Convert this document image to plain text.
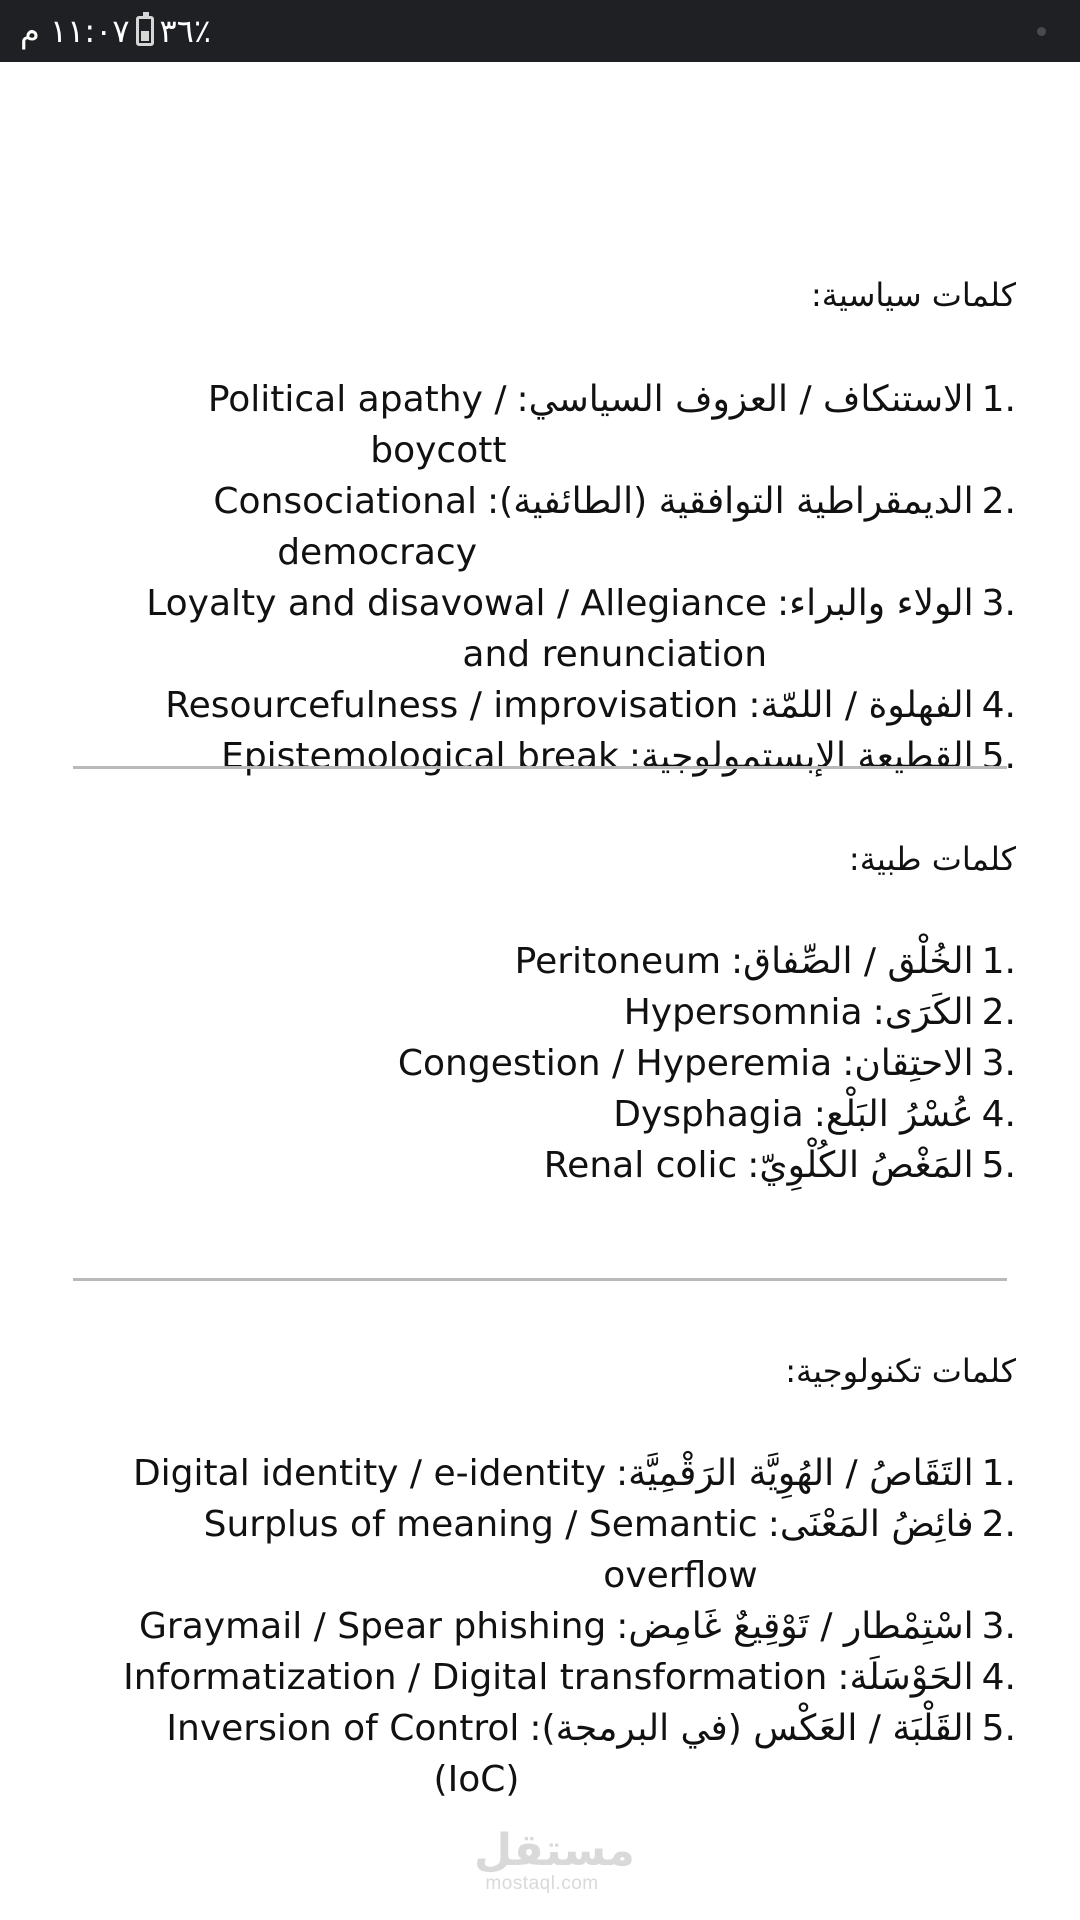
١١:٠٧ م ٣٦٪
كلمات سياسية:
1.
الاستنكاف / العزوف السياسي:
Political apathy / boycott
2.
الديمقراطية التوافقية (الطائفية):
Consociational democracy
3.
الولاء والبراء:
Loyalty and disavowal / Allegiance and renunciation
4.
الفهلوة / اللمّة:
Resourcefulness / improvisation
5.
القطيعة الإبستمولوجية:
Epistemological break
كلمات طبية:
1.
الخُلْق / الصِّفاق:
Peritoneum
2.
الكَرَى:
Hypersomnia
3.
الاحتِقان:
Congestion / Hyperemia
4.
عُسْرُ البَلْع:
Dysphagia
5.
المَغْصُ الكُلْوِيّ:
Renal colic
كلمات تكنولوجية:
1.
التَقَاصُ / الهُوِيَّة الرَقْمِيَّة:
Digital identity / e-identity
2.
فائِضُ المَعْنَى:
Surplus of meaning / Semantic overflow
3.
اسْتِمْطار / تَوْقِيعٌ غَامِض:
Graymail / Spear phishing
4.
الحَوْسَلَة:
Informatization / Digital transformation
5.
القَلْبَة / العَكْس (في البرمجة):
Inversion of Control (IoC)
مستقل
mostaql.com
